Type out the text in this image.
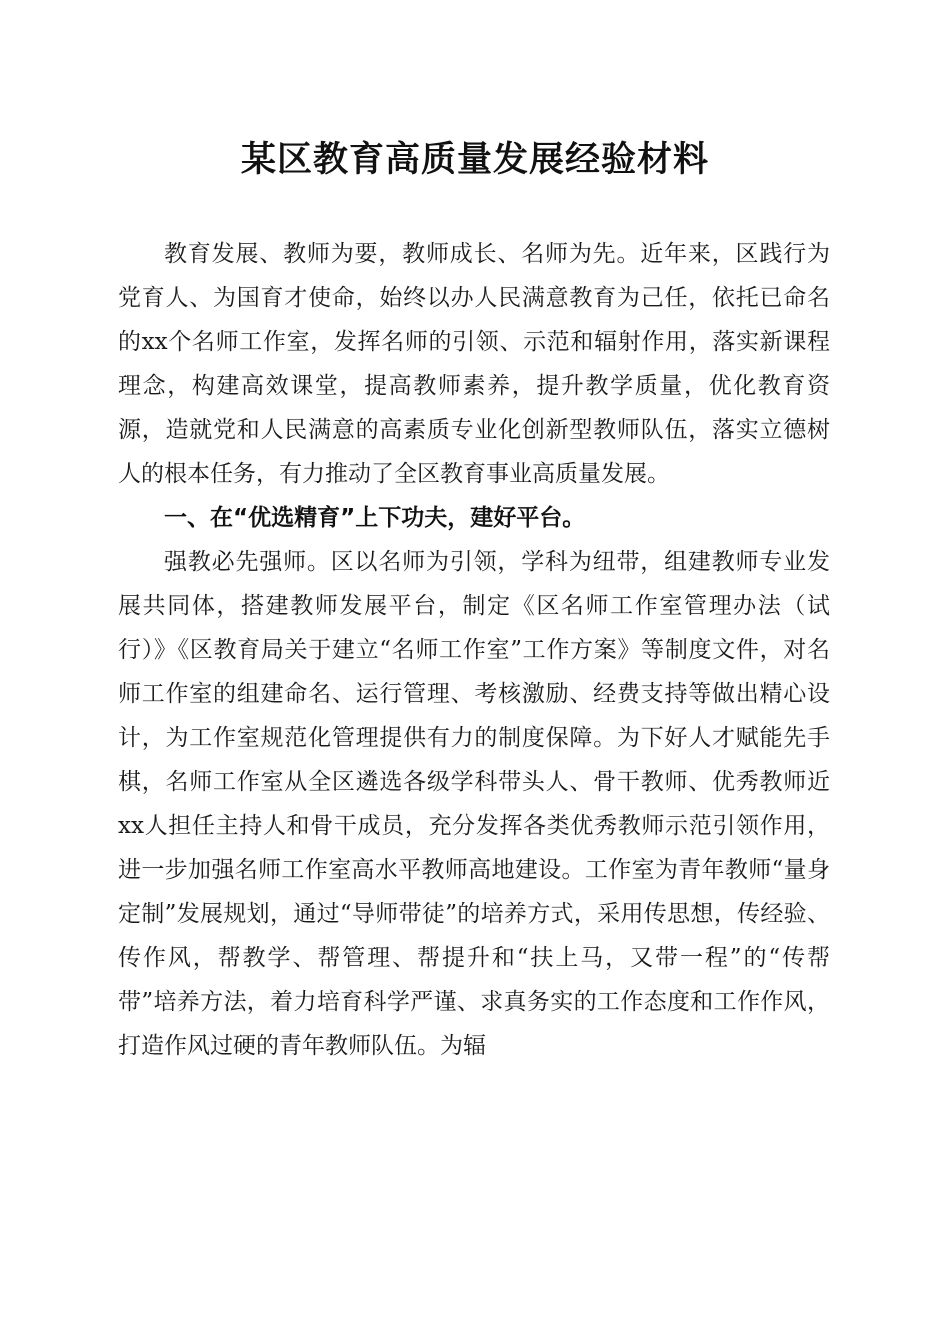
某区教育高质量发展经验材料

教育发展、教师为要，教师成长、名师为先。近年来，区践行为党育人、为国育才使命，始终以办人民满意教育为己任，依托已命名的xx个名师工作室，发挥名师的引领、示范和辐射作用，落实新课程理念，构建高效课堂，提高教师素养，提升教学质量，优化教育资源，造就党和人民满意的高素质专业化创新型教师队伍，落实立德树人的根本任务，有力推动了全区教育事业高质量发展。

一、在“优选精育”上下功夫，建好平台。

强教必先强师。区以名师为引领，学科为纽带，组建教师专业发展共同体，搭建教师发展平台，制定《区名师工作室管理办法（试行）》《区教育局关于建立“名师工作室”工作方案》等制度文件，对名师工作室的组建命名、运行管理、考核激励、经费支持等做出精心设计，为工作室规范化管理提供有力的制度保障。为下好人才赋能先手棋，名师工作室从全区遴选各级学科带头人、骨干教师、优秀教师近xx人担任主持人和骨干成员，充分发挥各类优秀教师示范引领作用，进一步加强名师工作室高水平教师高地建设。工作室为青年教师“量身定制”发展规划，通过“导师带徒”的培养方式，采用传思想，传经验、传作风，帮教学、帮管理、帮提升和“扶上马，又带一程”的“传帮带”培养方法，着力培育科学严谨、求真务实的工作态度和工作作风，打造作风过硬的青年教师队伍。为辐
